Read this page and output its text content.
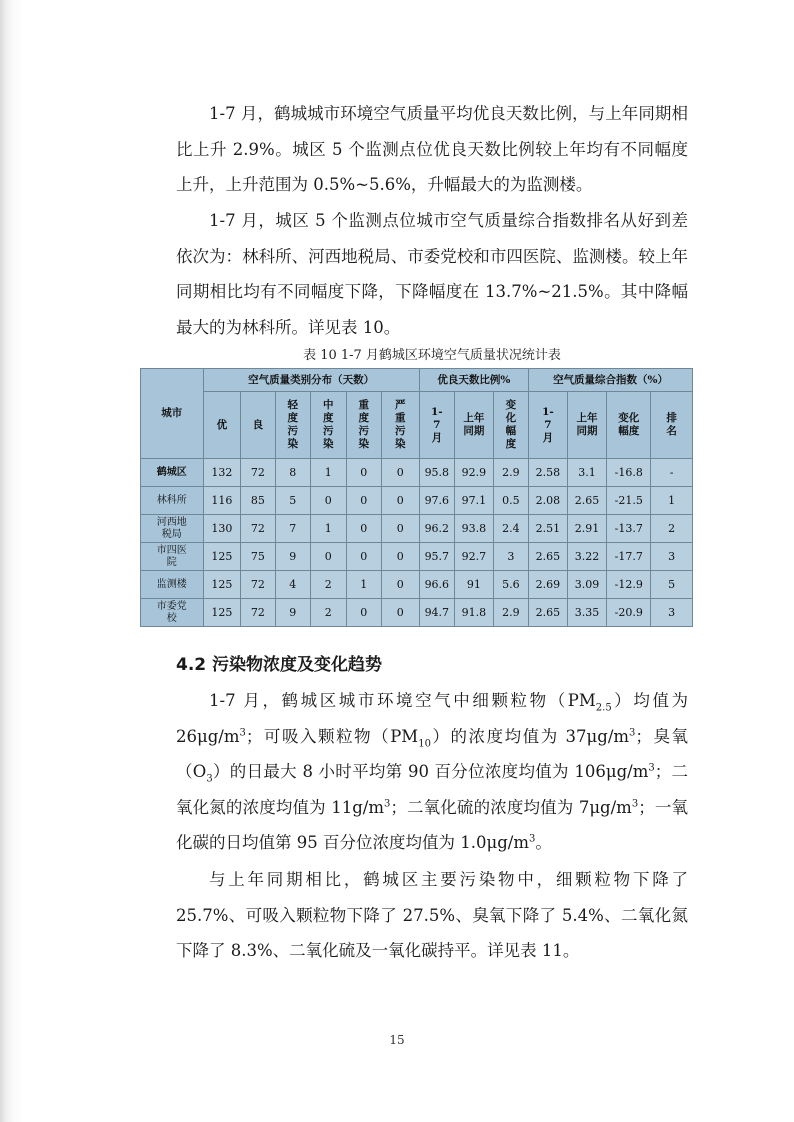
1-7 月，鹤城城市环境空气质量平均优良天数比例，与上年同期相比上升 2.9%。城区 5 个监测点位优良天数比例较上年均有不同幅度上升，上升范围为 0.5%~5.6%，升幅最大的为监测楼。

1-7 月，城区 5 个监测点位城市空气质量综合指数排名从好到差依次为：林科所、河西地税局、市委党校和市四医院、监测楼。较上年同期相比均有不同幅度下降，下降幅度在 13.7%~21.5%。其中降幅最大的为林科所。详见表 10。

表 10 1-7 月鹤城区环境空气质量状况统计表
城市	空气质量类别分布（天数）						优良天数比例%			空气质量综合指数（%）			
	优	良	轻度污染	中度污染	重度污染	严重污染	1-7月	上年同期	变化幅度	1-7月	上年同期	变化幅度	排名
鹤城区	132	72	8	1	0	0	95.8	92.9	2.9	2.58	3.1	-16.8	-
林科所	116	85	5	0	0	0	97.6	97.1	0.5	2.08	2.65	-21.5	1
河西地税局	130	72	7	1	0	0	96.2	93.8	2.4	2.51	2.91	-13.7	2
市四医院	125	75	9	0	0	0	95.7	92.7	3	2.65	3.22	-17.7	3
监测楼	125	72	4	2	1	0	96.6	91	5.6	2.69	3.09	-12.9	5
市委党校	125	72	9	2	0	0	94.7	91.8	2.9	2.65	3.35	-20.9	3
4.2 污染物浓度及变化趋势

1-7 月，鹤城区城市环境空气中细颗粒物$(PM_{2.5})$均值为 $26\mu g/m^3$；可吸入颗粒物$(PM_{10})$的浓度均值为 $37\mu g/m^3$；臭氧$(O_3)$的日最大 8 小时平均第 90 百分位浓度均值为 $106\mu g/m^3$；二氧化氮的浓度均值为 $11g/m^3$；二氧化硫的浓度均值为 $7\mu g/m^3$；一氧化碳的日均值第 95 百分位浓度均值为 $1.0\mu g/m^3$。

与上年同期相比，鹤城区主要污染物中，细颗粒物下降了 25.7%、可吸入颗粒物下降了 27.5%、臭氧下降了 5.4%、二氧化氮下降了 8.3%、二氧化硫及一氧化碳持平。详见表 11。

15
